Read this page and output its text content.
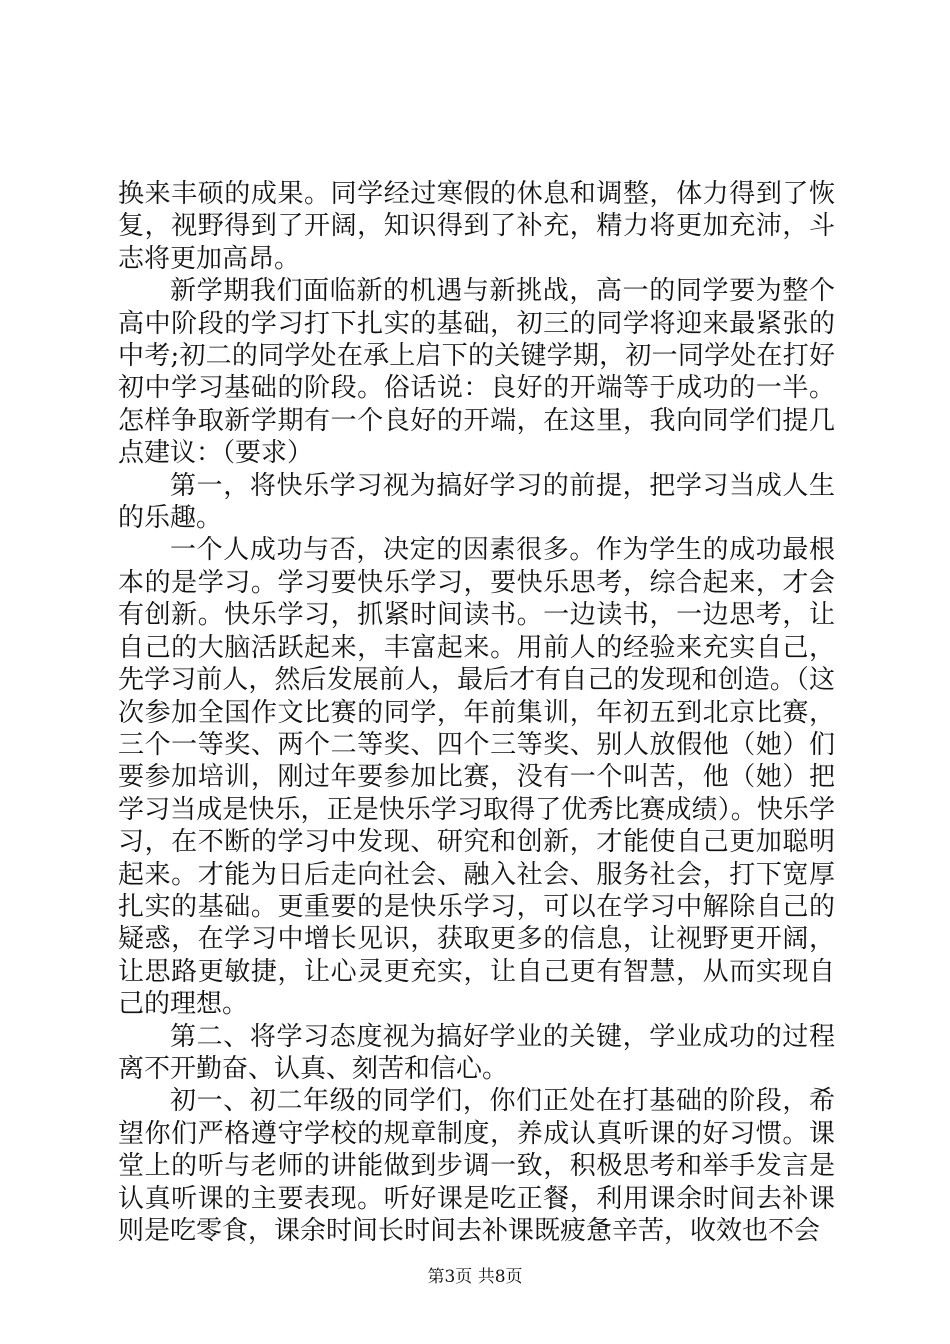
换来丰硕的成果。同学经过寒假的休息和调整，体力得到了恢复，视野得到了开阔，知识得到了补充，精力将更加充沛，斗志将更加高昂。

新学期我们面临新的机遇与新挑战，高一的同学要为整个高中阶段的学习打下扎实的基础，初三的同学将迎来最紧张的中考;初二的同学处在承上启下的关键学期，初一同学处在打好初中学习基础的阶段。俗话说：良好的开端等于成功的一半。怎样争取新学期有一个良好的开端，在这里，我向同学们提几点建议：（要求）

第一，将快乐学习视为搞好学习的前提，把学习当成人生的乐趣。

一个人成功与否，决定的因素很多。作为学生的成功最根本的是学习。学习要快乐学习，要快乐思考，综合起来，才会有创新。快乐学习，抓紧时间读书。一边读书，一边思考，让自己的大脑活跃起来，丰富起来。用前人的经验来充实自己，先学习前人，然后发展前人，最后才有自己的发现和创造。（这次参加全国作文比赛的同学，年前集训，年初五到北京比赛，三个一等奖、两个二等奖、四个三等奖、别人放假他（她）们要参加培训，刚过年要参加比赛，没有一个叫苦，他（她）把学习当成是快乐，正是快乐学习取得了优秀比赛成绩）。快乐学习，在不断的学习中发现、研究和创新，才能使自己更加聪明起来。才能为日后走向社会、融入社会、服务社会，打下宽厚扎实的基础。更重要的是快乐学习，可以在学习中解除自己的疑惑，在学习中增长见识，获取更多的信息，让视野更开阔，让思路更敏捷，让心灵更充实，让自己更有智慧，从而实现自己的理想。

第二、将学习态度视为搞好学业的关键，学业成功的过程离不开勤奋、认真、刻苦和信心。

初一、初二年级的同学们，你们正处在打基础的阶段，希望你们严格遵守学校的规章制度，养成认真听课的好习惯。课堂上的听与老师的讲能做到步调一致，积极思考和举手发言是认真听课的主要表现。听好课是吃正餐，利用课余时间去补课则是吃零食，课余时间长时间去补课既疲惫辛苦，收效也不会

第3页 共8页
